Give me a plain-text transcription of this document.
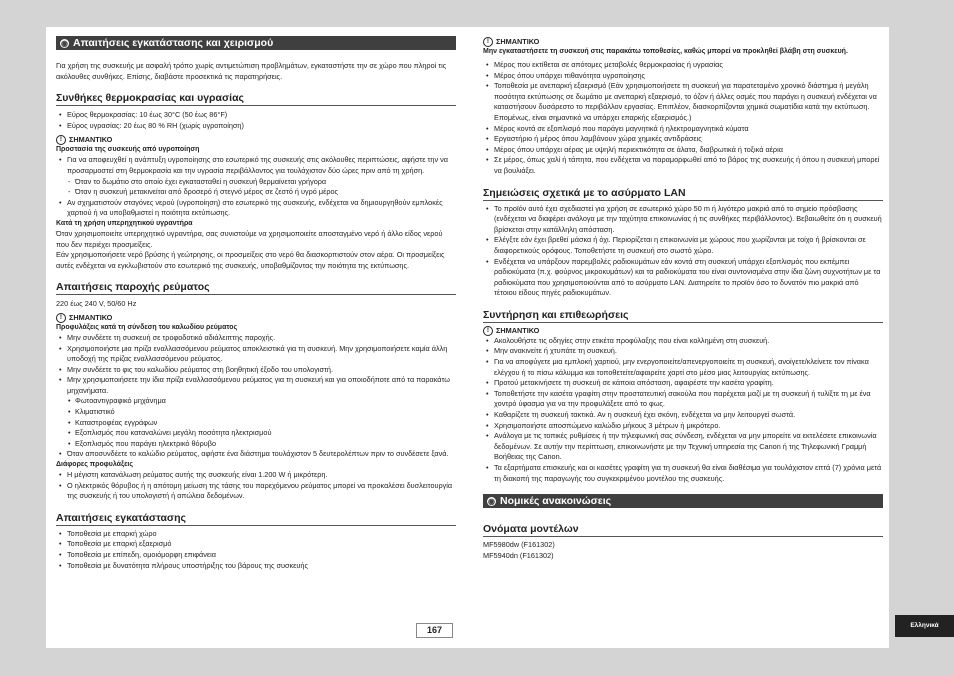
◉ Απαιτήσεις εγκατάστασης και χειρισμού

Για χρήση της συσκευής με ασφαλή τρόπο χωρίς αντιμετώπιση προβλημάτων, εγκαταστήστε την σε χώρο που πληροί τις ακόλουθες συνθήκες. Επίσης, διαβάστε προσεκτικά τις παρατηρήσεις.

Συνθήκες θερμοκρασίας και υγρασίας
• Εύρος θερμοκρασίας: 10 έως 30°C (50 έως 86°F)
• Εύρος υγρασίας: 20 έως 80 % RH (χωρίς υγροποίηση)
! ΣΗΜΑΝΤΙΚΟ
Προστασία της συσκευής από υγροποίηση
• Για να αποφευχθεί η ανάπτυξη υγροποίησης στο εσωτερικό της συσκευής στις ακόλουθες περιπτώσεις, αφήστε την να προσαρμοστεί στη θερμοκρασία και την υγρασία περιβάλλοντος για τουλάχιστον δύο ώρες πριν από τη χρήση.
- Όταν το δωμάτιο στο οποίο έχει εγκατασταθεί η συσκευή θερμαίνεται γρήγορα
- Όταν η συσκευή μετακινείται από δροσερό ή στεγνό μέρος σε ζεστό ή υγρό μέρος
• Αν σχηματιστούν σταγόνες νερού (υγροποίηση) στο εσωτερικό της συσκευής, ενδέχεται να δημιουργηθούν εμπλοκές χαρτιού ή να υποβαθμιστεί η ποιότητα εκτύπωσης.
Κατά τη χρήση υπερηχητικού υγραντήρα

Όταν χρησιμοποιείτε υπερηχητικό υγραντήρα, σας συνιστούμε να χρησιμοποιείτε αποσταγμένο νερό ή άλλο είδος νερού που δεν περιέχει προσμείξεις.

Εάν χρησιμοποιήσετε νερό βρύσης ή γεώτρησης, οι προσμείξεις στο νερό θα διασκορπιστούν στον αέρα. Οι προσμείξεις αυτές ενδέχεται να εγκλωβιστούν στο εσωτερικό της συσκευής, υποβαθμίζοντας την ποιότητα της εκτύπωσης.

Απαιτήσεις παροχής ρεύματος

220 έως 240 V, 50/60 Hz

! ΣΗΜΑΝΤΙΚΟ
Προφυλάξεις κατά τη σύνδεση του καλωδίου ρεύματος
• Μην συνδέετε τη συσκευή σε τροφοδοτικό αδιάλειπτης παροχής.
• Χρησιμοποιήστε μια πρίζα εναλλασσόμενου ρεύματος αποκλειστικά για τη συσκευή. Μην χρησιμοποιήσετε καμία άλλη υποδοχή της πρίζας εναλλασσόμενου ρεύματος.
• Μην συνδέετε το φις του καλωδίου ρεύματος στη βοηθητική έξοδο του υπολογιστή.
• Μην χρησιμοποιήσετε την ίδια πρίζα εναλλασσόμενου ρεύματος για τη συσκευή και για οποιοδήποτε από τα παρακάτω μηχανήματα.
• Φωτοαντιγραφικό μηχάνημα
• Κλιματιστικό
• Καταστροφέας εγγράφων
• Εξοπλισμός που καταναλώνει μεγάλη ποσότητα ηλεκτρισμού
• Εξοπλισμός που παράγει ηλεκτρικό θόρυβο
• Όταν αποσυνδέετε το καλώδιο ρεύματος, αφήστε ένα διάστημα τουλάχιστον 5 δευτερολέπτων πριν το συνδέσετε ξανά.
Διάφορες προφυλάξεις
• Η μέγιστη κατανάλωση ρεύματος αυτής της συσκευής είναι 1.200 W ή μικρότερη.
• Ο ηλεκτρικός θόρυβος ή η απότομη μείωση της τάσης του παρεχόμενου ρεύματος μπορεί να προκαλέσει δυσλειτουργία της συσκευής ή του υπολογιστή ή απώλεια δεδομένων.
Απαιτήσεις εγκατάστασης
• Τοποθεσία με επαρκή χώρο
• Τοποθεσία με επαρκή εξαερισμό
• Τοποθεσία με επίπεδη, ομοιόμορφη επιφάνεια
• Τοποθεσία με δυνατότητα πλήρους υποστήριξης του βάρους της συσκευής
! ΣΗΜΑΝΤΙΚΟ
Μην εγκαταστήσετε τη συσκευή στις παρακάτω τοποθεσίες, καθώς μπορεί να προκληθεί βλάβη στη συσκευή.
• Μέρος που εκτίθεται σε απότομες μεταβολές θερμοκρασίας ή υγρασίας
• Μέρος όπου υπάρχει πιθανότητα υγροποίησης
• Τοποθεσία με ανεπαρκή εξαερισμό (Εάν χρησιμοποιήσετε τη συσκευή για παρατεταμένο χρονικό διάστημα ή μεγάλη ποσότητα εκτύπωσης σε δωμάτιο με ανεπαρκή εξαερισμό, το όζον ή άλλες οσμές που παράγει η συσκευή ενδέχεται να καταστήσουν δυσάρεστο το περιβάλλον εργασίας. Επιπλέον, διασκορπίζονται χημικά σωματίδια κατά την εκτύπωση. Επομένως, είναι σημαντικό να υπάρχει επαρκής εξαερισμός.)
• Μέρος κοντά σε εξοπλισμό που παράγει μαγνητικά ή ηλεκτρομαγνητικά κύματα
• Εργαστήριο ή μέρος όπου λαμβάνουν χώρα χημικές αντιδράσεις
• Μέρος όπου υπάρχει αέρας με υψηλή περιεκτικότητα σε άλατα, διαβρωτικά ή τοξικά αέρια
• Σε μέρος, όπως χαλί ή τάπητα, που ενδέχεται να παραμορφωθεί από το βάρος της συσκευής ή όπου η συσκευή μπορεί να βουλιάξει.
Σημειώσεις σχετικά με το ασύρματο LAN
• Το προϊόν αυτό έχει σχεδιαστεί για χρήση σε εσωτερικό χώρο 50 m ή λιγότερο μακριά από το σημείο πρόσβασης (ενδέχεται να διαφέρει ανάλογα με την ταχύτητα επικοινωνίας ή τις συνθήκες περιβάλλοντος). Βεβαιωθείτε ότι η συσκευή βρίσκεται στην κατάλληλη απόσταση.
• Ελέγξτε εάν έχει βρεθεί μάσκα ή όχι. Περιορίζεται η επικοινωνία με χώρους που χωρίζονται με τοίχο ή βρίσκονται σε διαφορετικούς ορόφους. Τοποθετήστε τη συσκευή στο σωστό χώρο.
• Ενδέχεται να υπάρξουν παρεμβολές ραδιοκυμάτων εάν κοντά στη συσκευή υπάρχει εξοπλισμός που εκπέμπει ραδιοκύματα (π.χ. φούρνος μικροκυμάτων) και τα ραδιοκύματα του είναι συντονισμένα στην ίδια ζώνη συχνοτήτων με τα ραδιοκύματα που χρησιμοποιούνται από το ασύρματο LAN. Διατηρείτε το προϊόν όσο το δυνατόν πιο μακριά από τέτοιου είδους πηγές ραδιοκυμάτων.
Συντήρηση και επιθεωρήσεις
! ΣΗΜΑΝΤΙΚΟ
• Ακολουθήστε τις οδηγίες στην ετικέτα προφύλαξης που είναι κολλημένη στη συσκευή.
• Μην ανακινείτε ή χτυπάτε τη συσκευή.
• Για να αποφύγετε μια εμπλοκή χαρτιού, μην ενεργοποιείτε/απενεργοποιείτε τη συσκευή, ανοίγετε/κλείνετε τον πίνακα ελέγχου ή το πίσω κάλυμμα και τοποθετείτε/αφαιρείτε χαρτί στο μέσο μιας λειτουργίας εκτύπωσης.
• Προτού μετακινήσετε τη συσκευή σε κάποια απόσταση, αφαιρέστε την κασέτα γραφίτη.
• Τοποθετήστε την κασέτα γραφίτη στην προστατευτική σακούλα που παρέχεται μαζί με τη συσκευή ή τυλίξτε τη με ένα χοντρό ύφασμα για να την προφυλάξετε από το φως.
• Καθαρίζετε τη συσκευή τακτικά. Αν η συσκευή έχει σκόνη, ενδέχεται να μην λειτουργεί σωστά.
• Χρησιμοποιήστε αποσπώμενο καλώδιο μήκους 3 μέτρων ή μικρότερο.
• Ανάλογα με τις τοπικές ρυθμίσεις ή την τηλεφωνική σας σύνδεση, ενδέχεται να μην μπορείτε να εκτελέσετε επικοινωνία δεδομένων. Σε αυτήν την περίπτωση, επικοινωνήστε με την Τεχνική υπηρεσία της Canon ή της Τηλεφωνική Γραμμή Βοήθειας της Canon.
• Τα εξαρτήματα επισκευής και οι κασέτες γραφίτη για τη συσκευή θα είναι διαθέσιμα για τουλάχιστον επτά (7) χρόνια μετά τη διακοπή της παραγωγής του συγκεκριμένου μοντέλου της συσκευής.
◉ Νομικές ανακοινώσεις
Ονόματα μοντέλων

MF5980dw (F161302)

MF5940dn (F161302)

167	Ελληνικά
